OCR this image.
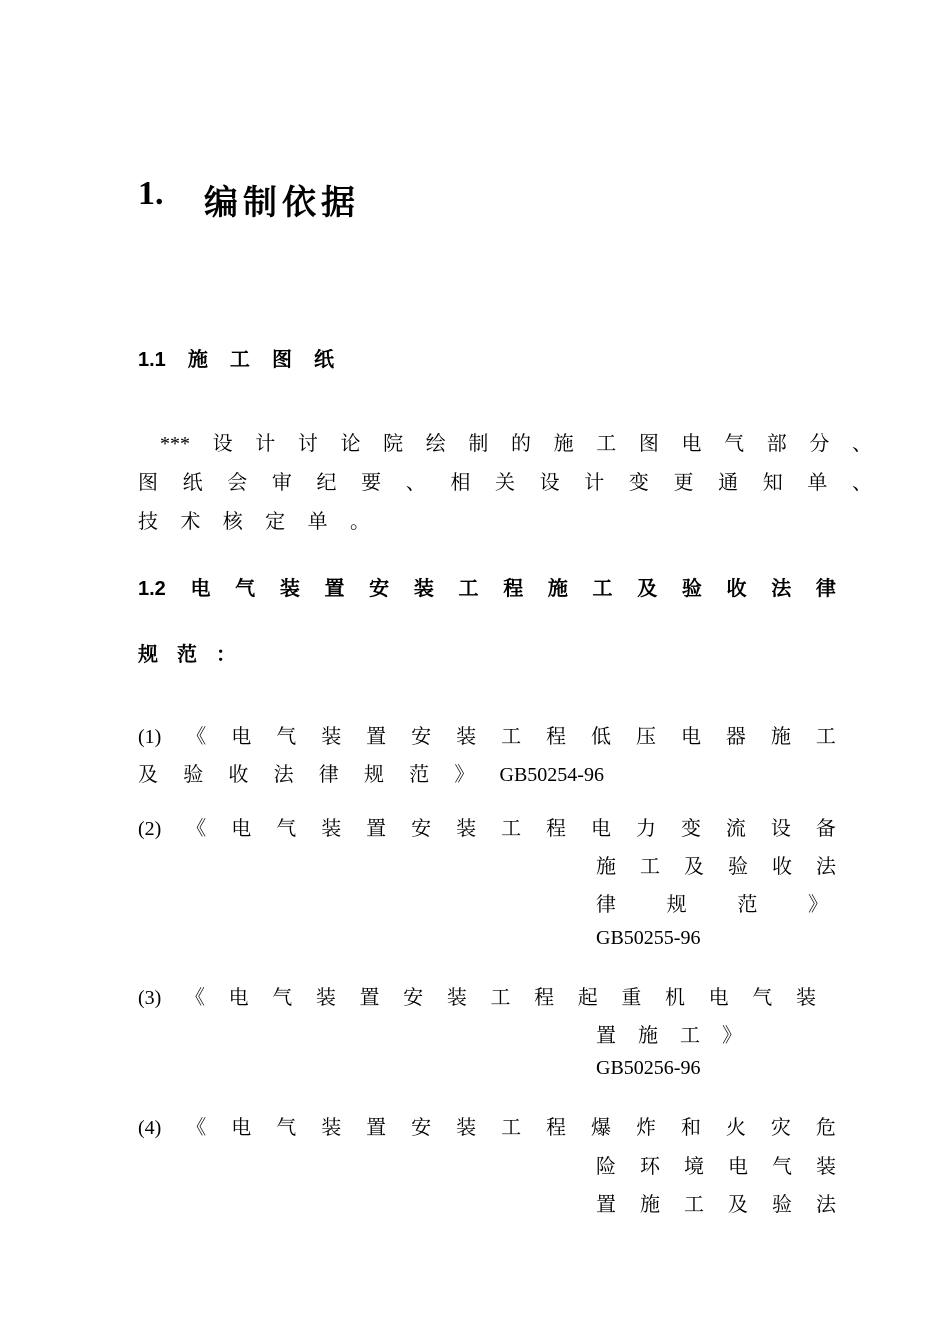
1. 编制依据
1.1 施 工 图 纸
*** 设 计 讨 论 院 绘 制 的 施 工 图 电 气 部 分 、
图 纸 会 审 纪 要 、 相 关 设 计 变 更 通 知 单 、
技 术 核 定 单 。
1.2 电 气 装 置 安 装 工 程 施 工 及 验 收 法 律
规 范 ：
(1) 《 电 气 装 置 安 装 工 程 低 压 电 器 施 工
及 验 收 法 律 规 范 》 GB50254-96
(2) 《 电 气 装 置 安 装 工 程 电 力 变 流 设 备
施 工 及 验 收 法
律	规	范	》
GB50255-96
(3) 《 电 气 装 置 安 装 工 程 起 重 机 电 气 装
置 施 工 》
GB50256-96
(4) 《 电 气 装 置 安 装 工 程 爆 炸 和 火 灾 危
险 环 境 电 气 装
置 施 工 及 验 法
